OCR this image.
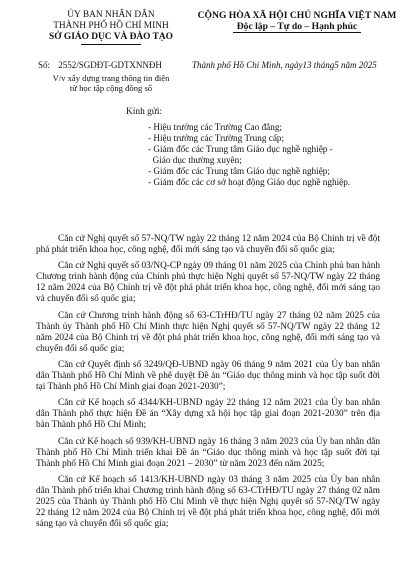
ỦY BAN NHÂN DÂN
THÀNH PHỐ HỒ CHÍ MINH
SỞ GIÁO DỤC VÀ ĐÀO TẠO
CỘNG HÒA XÃ HỘI CHỦ NGHĨA VIỆT NAM
Độc lập – Tự do – Hạnh phúc
Số: 2552/SGDĐT-GDTXNNĐH	Thành phố Hồ Chí Minh, ngày13 tháng5 năm 2025
V/v xây dựng trang thông tin điện
tử học tập cộng đồng số
Kính gửi:
- Hiệu trưởng các Trường Cao đẳng;
- Hiệu trưởng các Trường Trung cấp;
- Giám đốc các Trung tâm Giáo dục nghề nghiệp -
Giáo dục thường xuyên;
- Giám đốc các Trung tâm Giáo dục nghề nghiệp;
- Giám đốc các cơ sở hoạt động Giáo dục nghề nghiệp.

Căn cứ Nghị quyết số 57-NQ/TW ngày 22 tháng 12 năm 2024 của Bộ Chính trị về đột phá phát triển khoa học, công nghệ, đổi mới sáng tạo và chuyển đổi số quốc gia;

Căn cứ Nghị quyết số 03/NQ-CP ngày 09 tháng 01 năm 2025 của Chính phủ ban hành Chương trình hành động của Chính phủ thực hiện Nghị quyết số 57-NQ/TW ngày 22 tháng 12 năm 2024 của Bộ Chính trị về đột phá phát triển khoa học, công nghệ, đổi mới sáng tạo và chuyển đổi số quốc gia;

Căn cứ Chương trình hành động số 63-CTrHĐ/TU ngày 27 tháng 02 năm 2025 của Thành ủy Thành phố Hồ Chí Minh thực hiện Nghị quyết số 57-NQ/TW ngày 22 tháng 12 năm 2024 của Bộ Chính trị về đột phá phát triển khoa học, công nghệ, đổi mới sáng tạo và chuyển đổi số quốc gia;

Căn cứ Quyết định số 3249/QĐ-UBND ngày 06 tháng 9 năm 2021 của Ủy ban nhân dân Thành phố Hồ Chí Minh về phê duyệt Đề án “Giáo dục thông minh và học tập suốt đời tại Thành phố Hồ Chí Minh giai đoạn 2021-2030”;

Căn cứ Kế hoạch số 4344/KH-UBND ngày 22 tháng 12 năm 2021 của Ủy ban nhân dân Thành phố thực hiện Đề án “Xây dựng xã hội học tập giai đoạn 2021-2030” trên địa bàn Thành phố Hồ Chí Minh;

Căn cứ Kế hoạch số 939/KH-UBND ngày 16 tháng 3 năm 2023 của Ủy ban nhân dân Thành phố Hồ Chí Minh triển khai Đề án “Giáo dục thông minh và học tập suốt đời tại Thành phố Hồ Chí Minh giai đoạn 2021 – 2030” từ năm 2023 đến năm 2025;

Căn cứ Kế hoạch số 1413/KH-UBND ngày 03 tháng 3 năm 2025 của Ủy ban nhân dân Thành phố triển khai Chương trình hành động số 63-CTrHĐ/TU ngày 27 tháng 02 năm 2025 của Thành ủy Thành phố Hồ Chí Minh về thực hiện Nghị quyết số 57-NQ/TW ngày 22 tháng 12 năm 2024 của Bộ Chính trị về đột phá phát triển khoa học, công nghệ, đổi mới sáng tạo và chuyển đổi số quốc gia;
